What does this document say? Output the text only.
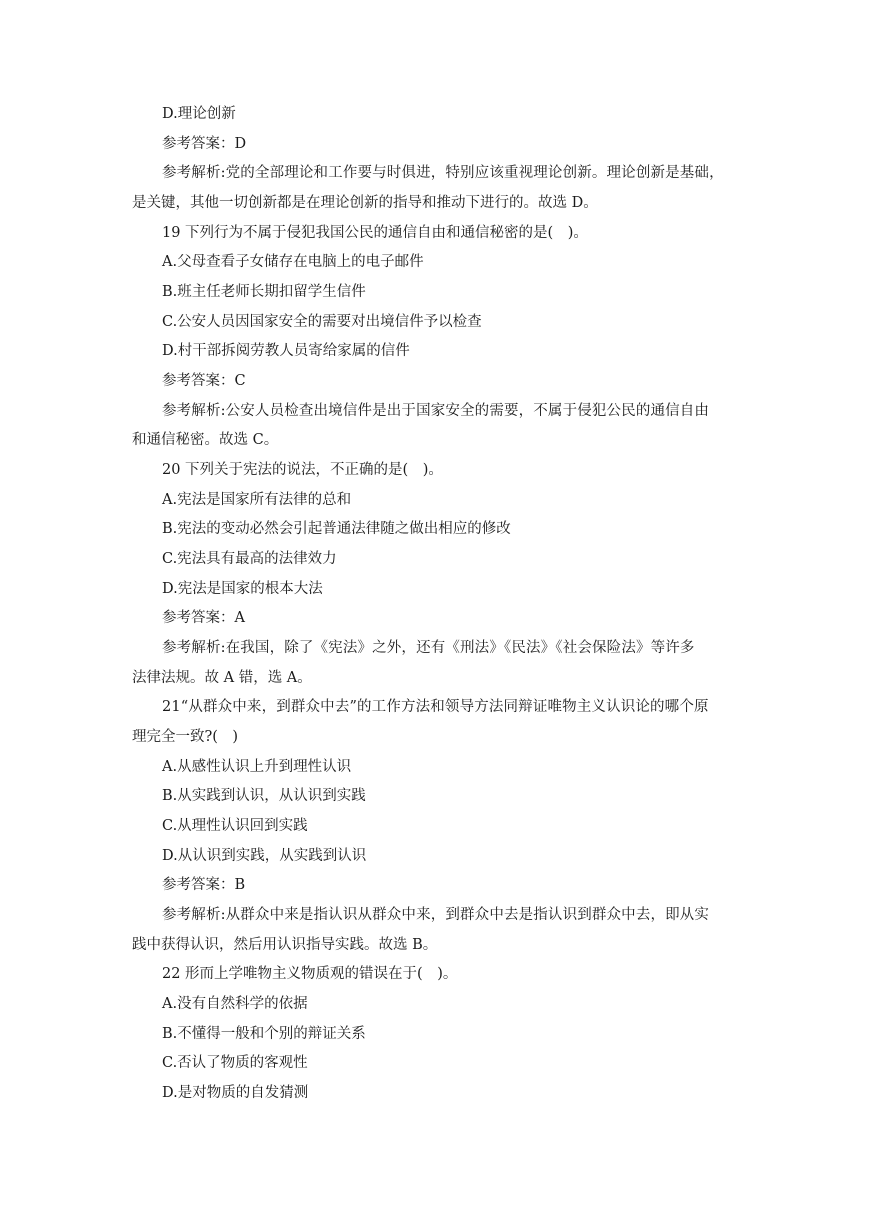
D.理论创新
参考答案：D
参考解析:党的全部理论和工作要与时俱进，特别应该重视理论创新。理论创新是基础，
是关键，其他一切创新都是在理论创新的指导和推动下进行的。故选 D。
19 下列行为不属于侵犯我国公民的通信自由和通信秘密的是(　)。
A.父母查看子女储存在电脑上的电子邮件
B.班主任老师长期扣留学生信件
C.公安人员因国家安全的需要对出境信件予以检查
D.村干部拆阅劳教人员寄给家属的信件
参考答案：C
参考解析:公安人员检查出境信件是出于国家安全的需要，不属于侵犯公民的通信自由
和通信秘密。故选 C。
20 下列关于宪法的说法，不正确的是(　)。
A.宪法是国家所有法律的总和
B.宪法的变动必然会引起普通法律随之做出相应的修改
C.宪法具有最高的法律效力
D.宪法是国家的根本大法
参考答案：A
参考解析:在我国，除了《宪法》之外，还有《刑法》《民法》《社会保险法》等许多
法律法规。故 A 错，选 A。
21“从群众中来，到群众中去”的工作方法和领导方法同辩证唯物主义认识论的哪个原
理完全一致?(　)
A.从感性认识上升到理性认识
B.从实践到认识，从认识到实践
C.从理性认识回到实践
D.从认识到实践，从实践到认识
参考答案：B
参考解析:从群众中来是指认识从群众中来，到群众中去是指认识到群众中去，即从实
践中获得认识，然后用认识指导实践。故选 B。
22 形而上学唯物主义物质观的错误在于(　)。
A.没有自然科学的依据
B.不懂得一般和个别的辩证关系
C.否认了物质的客观性
D.是对物质的自发猜测
